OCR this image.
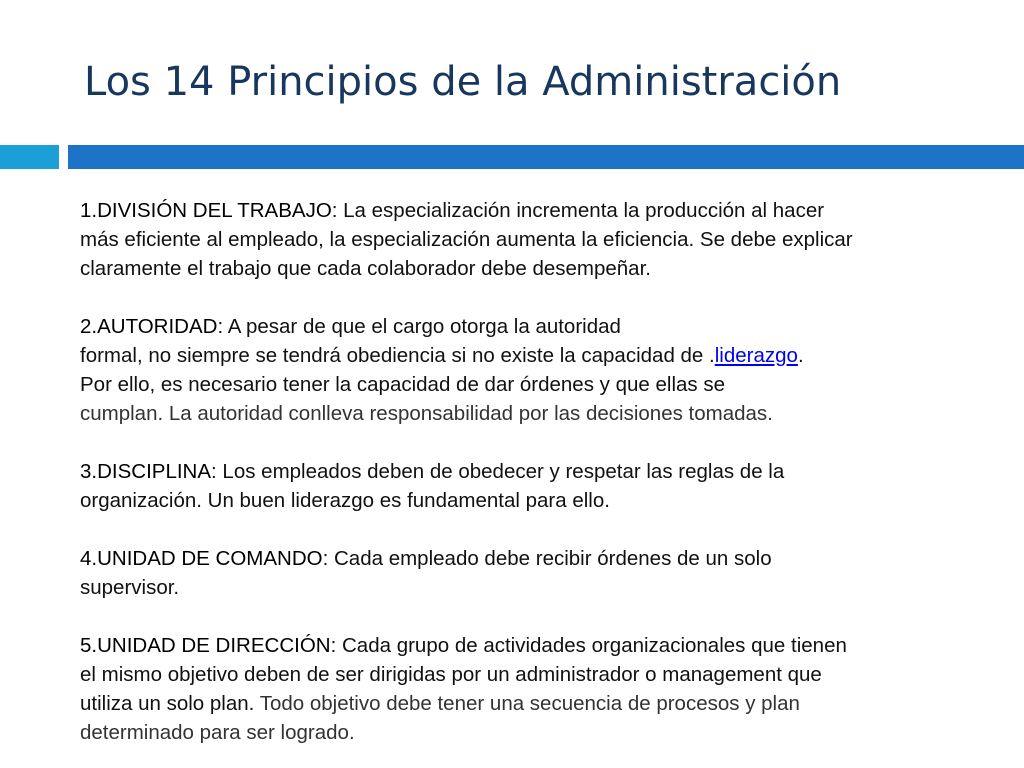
Los 14 Principios de la Administración

1.DIVISIÓN DEL TRABAJO: La especialización incrementa la producción al hacer
más eficiente al empleado, la especialización aumenta la eficiencia. Se debe explicar
claramente el trabajo que cada colaborador debe desempeñar.

2.AUTORIDAD: A pesar de que el cargo otorga la autoridad
formal, no siempre se tendrá obediencia si no existe la capacidad de .liderazgo.
Por ello, es necesario tener la capacidad de dar órdenes y que ellas se
cumplan. La autoridad conlleva responsabilidad por las decisiones tomadas.

3.DISCIPLINA: Los empleados deben de obedecer y respetar las reglas de la
organización. Un buen liderazgo es fundamental para ello.

4.UNIDAD DE COMANDO: Cada empleado debe recibir órdenes de un solo
supervisor.

5.UNIDAD DE DIRECCIÓN: Cada grupo de actividades organizacionales que tienen
el mismo objetivo deben de ser dirigidas por un administrador o management que
utiliza un solo plan. Todo objetivo debe tener una secuencia de procesos y plan
determinado para ser logrado.
